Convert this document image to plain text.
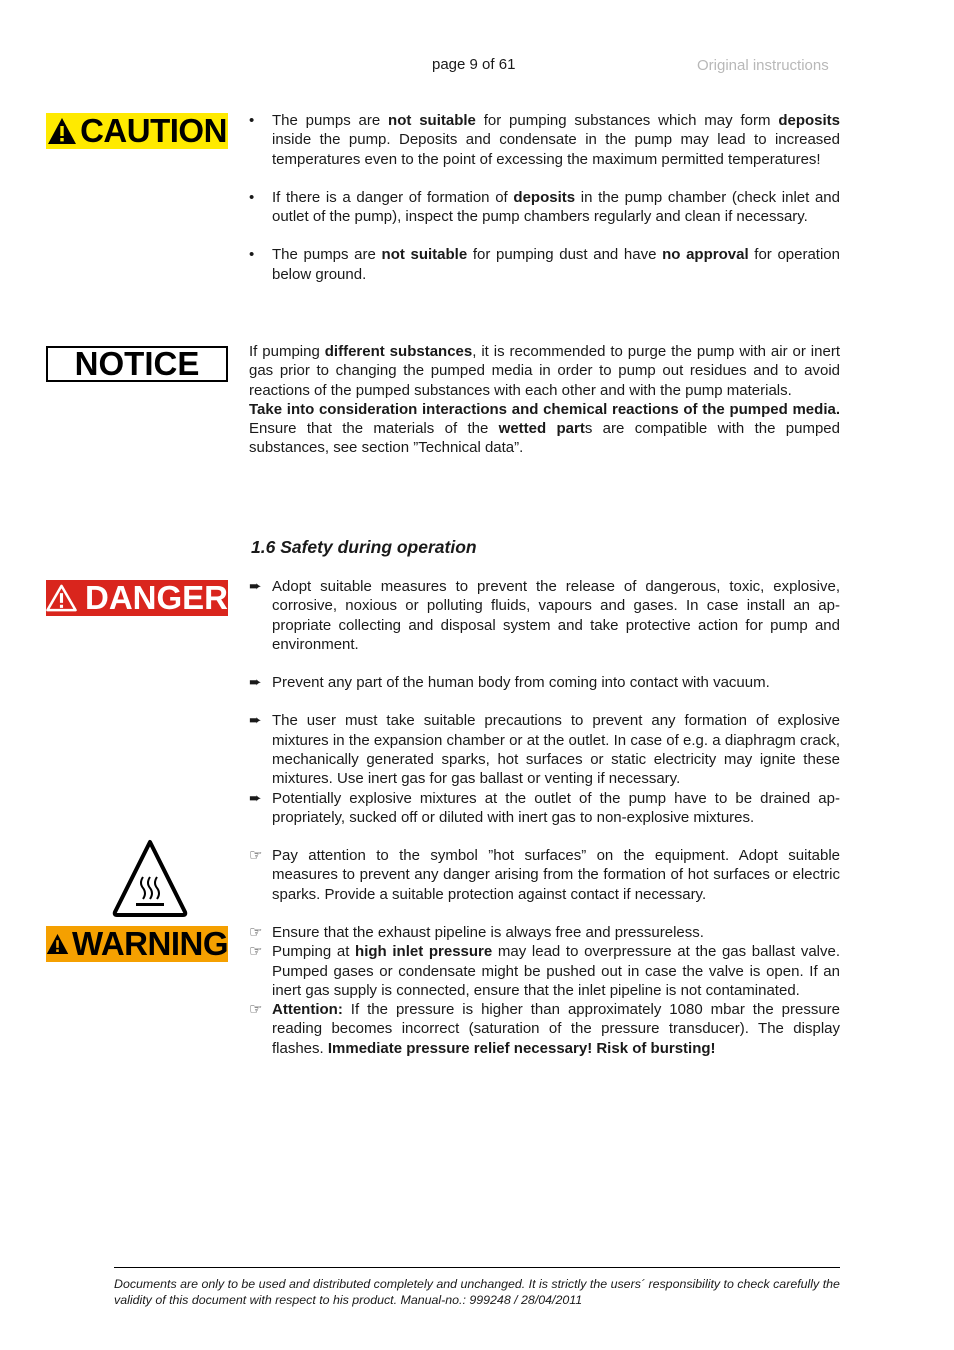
page 9 of 61	Original instructions
CAUTION
NOTICE
DANGER
WARNING
•	The pumps are not suitable for pumping substances which may form deposits inside the pump. Deposits and condensate in the pump may lead to increased temperatures even to the point of excessing the maximum permitted temperatures!
•	If there is a danger of formation of deposits in the pump chamber (check inlet and outlet of the pump), inspect the pump chambers regularly and clean if necessary.
•	The pumps are not suitable for pumping dust and have no approval for operation below ground.
If pumping different substances, it is recommended to purge the pump with air or inert gas prior to changing the pumped media in order to pump out residues and to avoid reactions of the pumped substances with each other and with the pump materials.
Take into consideration interactions and chemical reactions of the pumped media. Ensure that the materials of the wetted parts are compatible with the pumped substances, see section ”Technical data”.
1.6 Safety during operation
➨ Adopt suitable measures to prevent the release of dangerous, toxic, explosive, corrosive, noxious or polluting fluids, vapours and gases. In case install an appropriate collecting and disposal system and take protective action for pump and environment.
➨ Prevent any part of the human body from coming into contact with vacuum.
➨ The user must take suitable precautions to prevent any formation of explosive mixtures in the expansion chamber or at the outlet. In case of e.g. a diaphragm crack, mechanically generated sparks, hot surfaces or static electricity may ignite these mixtures. Use inert gas for gas ballast or venting if necessary.
➨ Potentially explosive mixtures at the outlet of the pump have to be drained appropriately, sucked off or diluted with inert gas to non-explosive mixtures.
☞ Pay attention to the symbol ”hot surfaces” on the equipment. Adopt suitable measures to prevent any danger arising from the formation of hot surfaces or electric sparks. Provide a suitable protection against contact if necessary.
☞ Ensure that the exhaust pipeline is always free and pressureless.
☞ Pumping at high inlet pressure may lead to overpressure at the gas ballast valve. Pumped gases or condensate might be pushed out in case the valve is open. If an inert gas supply is connected, ensure that the inlet pipeline is not contaminated.
☞ Attention: If the pressure is higher than approximately 1080 mbar the pressure reading becomes incorrect (saturation of the pressure transducer). The display flashes. Immediate pressure relief necessary! Risk of bursting!
Documents are only to be used and distributed completely and unchanged. It is strictly the users´ responsibility to check carefully the validity of this document with respect to his product. Manual-no.: 999248 / 28/04/2011
